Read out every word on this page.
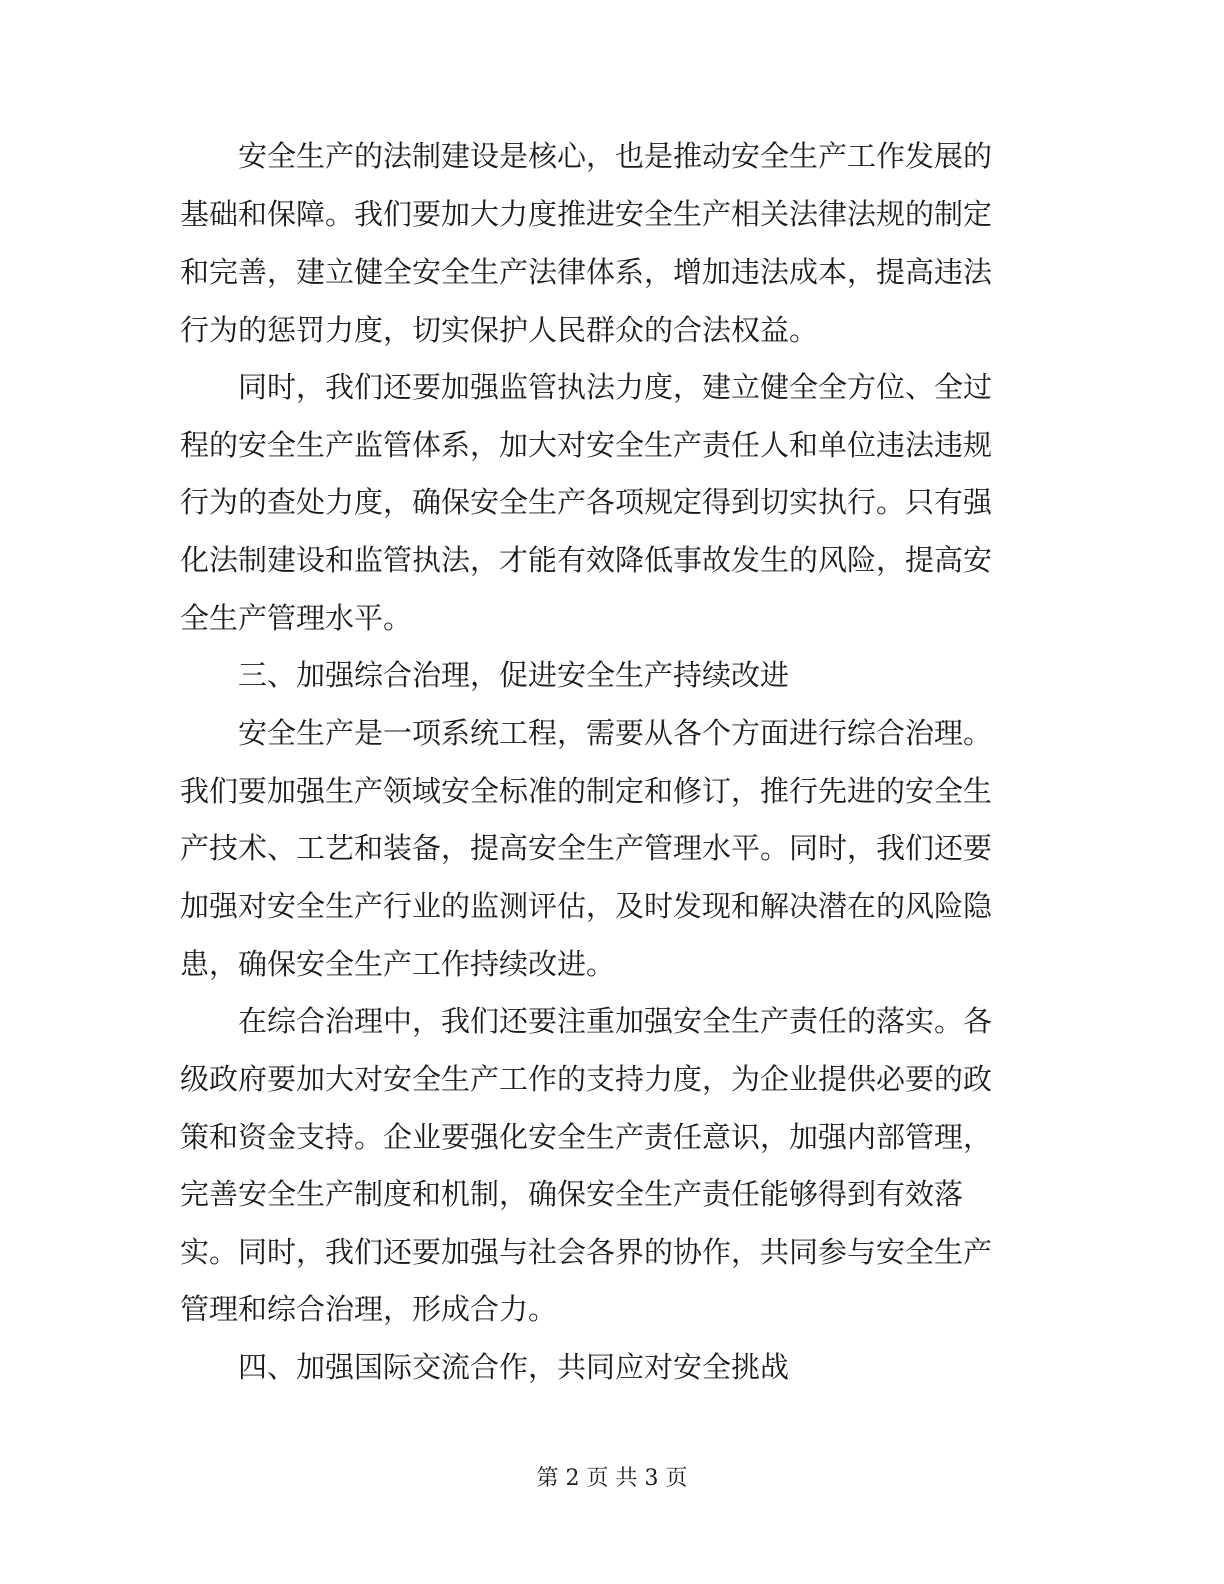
安全生产的法制建设是核心，也是推动安全生产工作发展的
基础和保障。我们要加大力度推进安全生产相关法律法规的制定
和完善，建立健全安全生产法律体系，增加违法成本，提高违法
行为的惩罚力度，切实保护人民群众的合法权益。
同时，我们还要加强监管执法力度，建立健全全方位、全过
程的安全生产监管体系，加大对安全生产责任人和单位违法违规
行为的查处力度，确保安全生产各项规定得到切实执行。只有强
化法制建设和监管执法，才能有效降低事故发生的风险，提高安
全生产管理水平。
三、加强综合治理，促进安全生产持续改进
安全生产是一项系统工程，需要从各个方面进行综合治理。
我们要加强生产领域安全标准的制定和修订，推行先进的安全生
产技术、工艺和装备，提高安全生产管理水平。同时，我们还要
加强对安全生产行业的监测评估，及时发现和解决潜在的风险隐
患，确保安全生产工作持续改进。
在综合治理中，我们还要注重加强安全生产责任的落实。各
级政府要加大对安全生产工作的支持力度，为企业提供必要的政
策和资金支持。企业要强化安全生产责任意识，加强内部管理，
完善安全生产制度和机制，确保安全生产责任能够得到有效落
实。同时，我们还要加强与社会各界的协作，共同参与安全生产
管理和综合治理，形成合力。
四、加强国际交流合作，共同应对安全挑战
第 2 页 共 3 页
